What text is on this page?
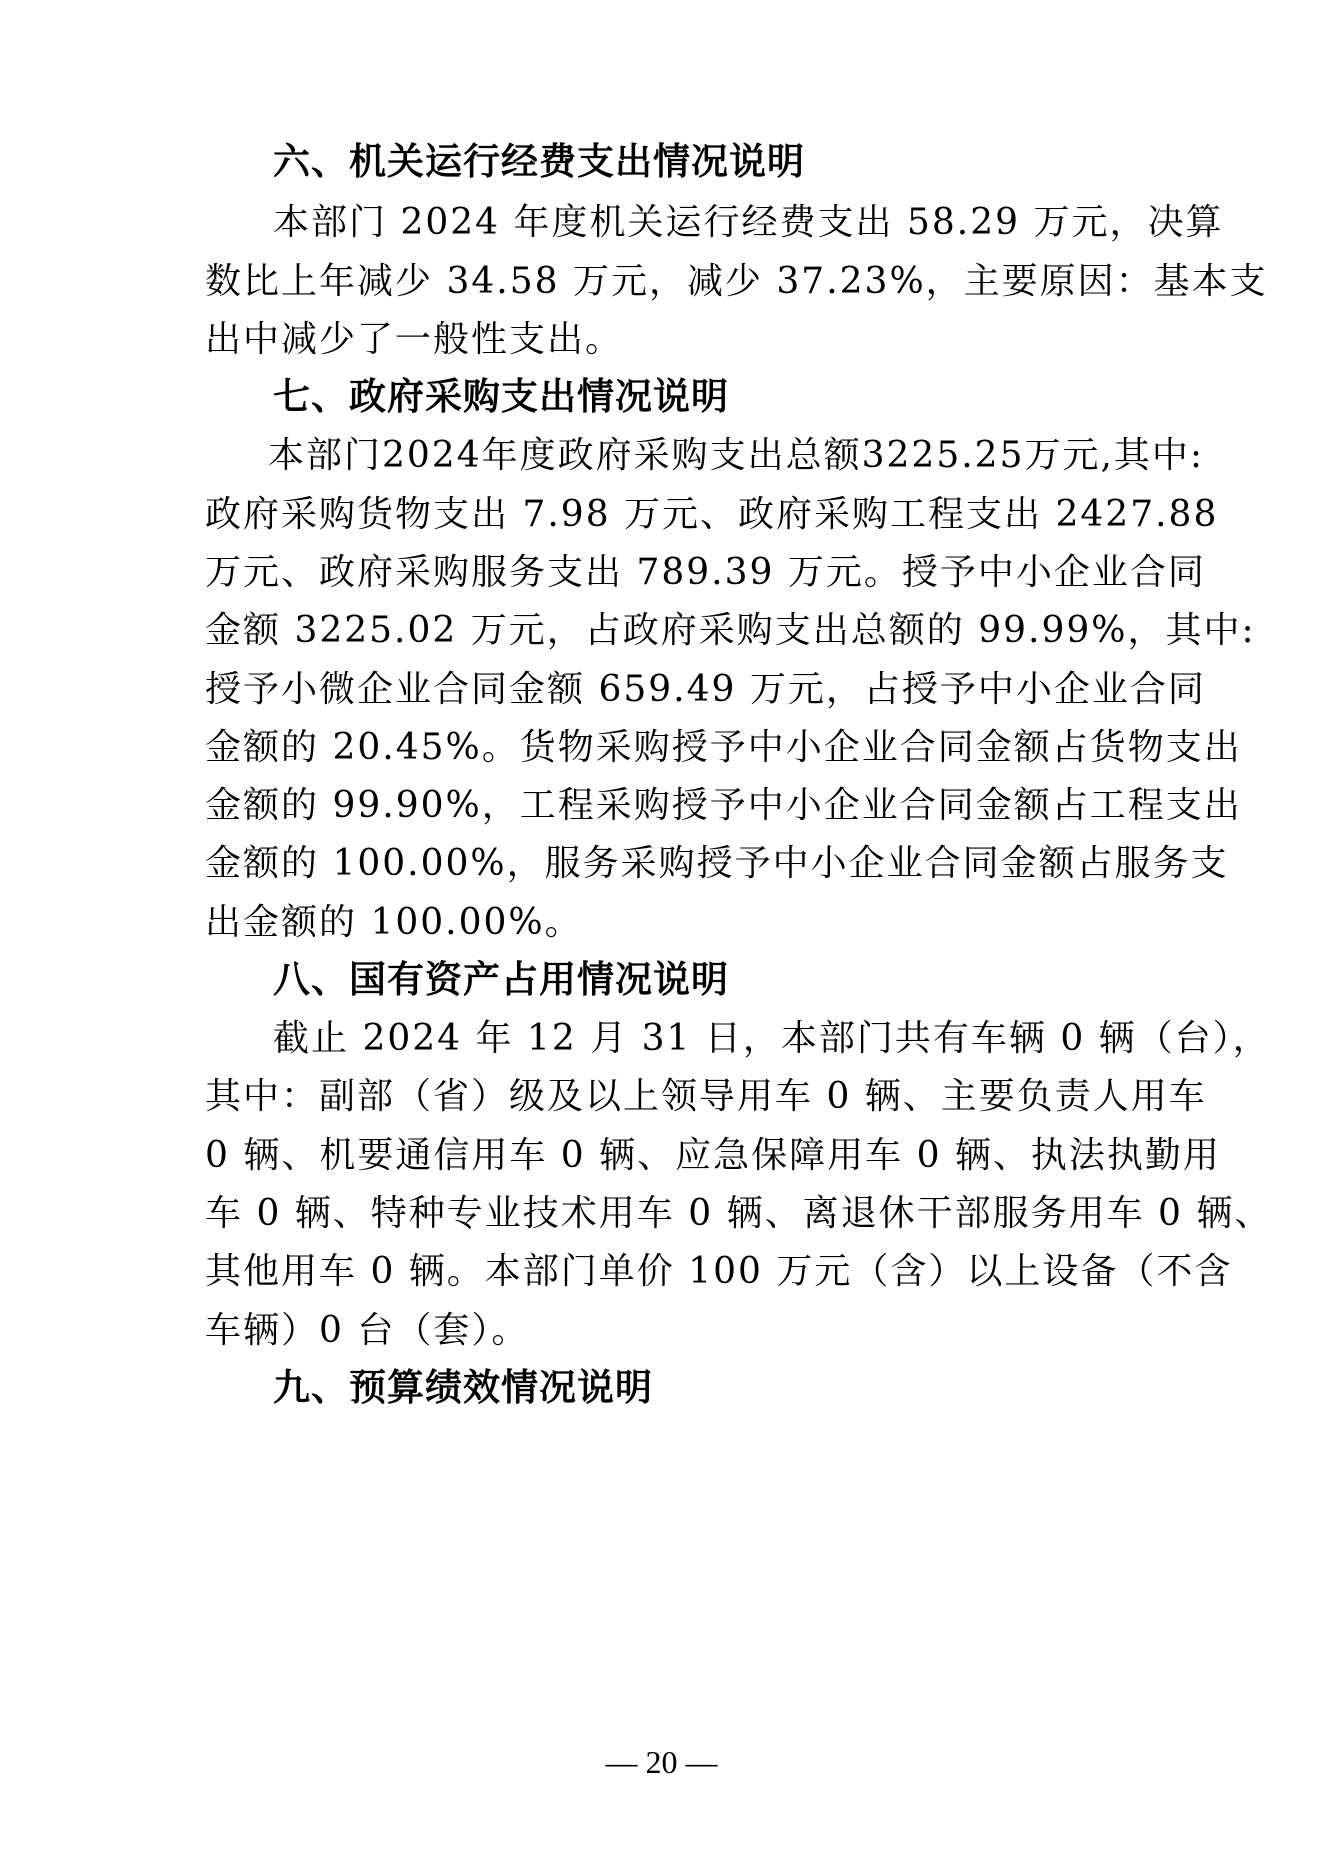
六、机关运行经费支出情况说明
本部门 2024 年度机关运行经费支出 58.29 万元，决算
数比上年减少 34.58 万元，减少 37.23%，主要原因：基本支
出中减少了一般性支出。
七、政府采购支出情况说明
本部门2024年度政府采购支出总额3225.25万元,其中:
政府采购货物支出 7.98 万元、政府采购工程支出 2427.88
万元、政府采购服务支出 789.39 万元。授予中小企业合同
金额 3225.02 万元，占政府采购支出总额的 99.99%，其中:
授予小微企业合同金额 659.49 万元，占授予中小企业合同
金额的 20.45%。货物采购授予中小企业合同金额占货物支出
金额的 99.90%，工程采购授予中小企业合同金额占工程支出
金额的 100.00%，服务采购授予中小企业合同金额占服务支
出金额的 100.00%。
八、国有资产占用情况说明
截止 2024 年 12 月 31 日，本部门共有车辆 0 辆（台），
其中：副部（省）级及以上领导用车 0 辆、主要负责人用车
0 辆、机要通信用车 0 辆、应急保障用车 0 辆、执法执勤用
车 0 辆、特种专业技术用车 0 辆、离退休干部服务用车 0 辆、
其他用车 0 辆。本部门单价 100 万元（含）以上设备（不含
车辆）0 台（套）。
九、预算绩效情况说明
— 20 —
